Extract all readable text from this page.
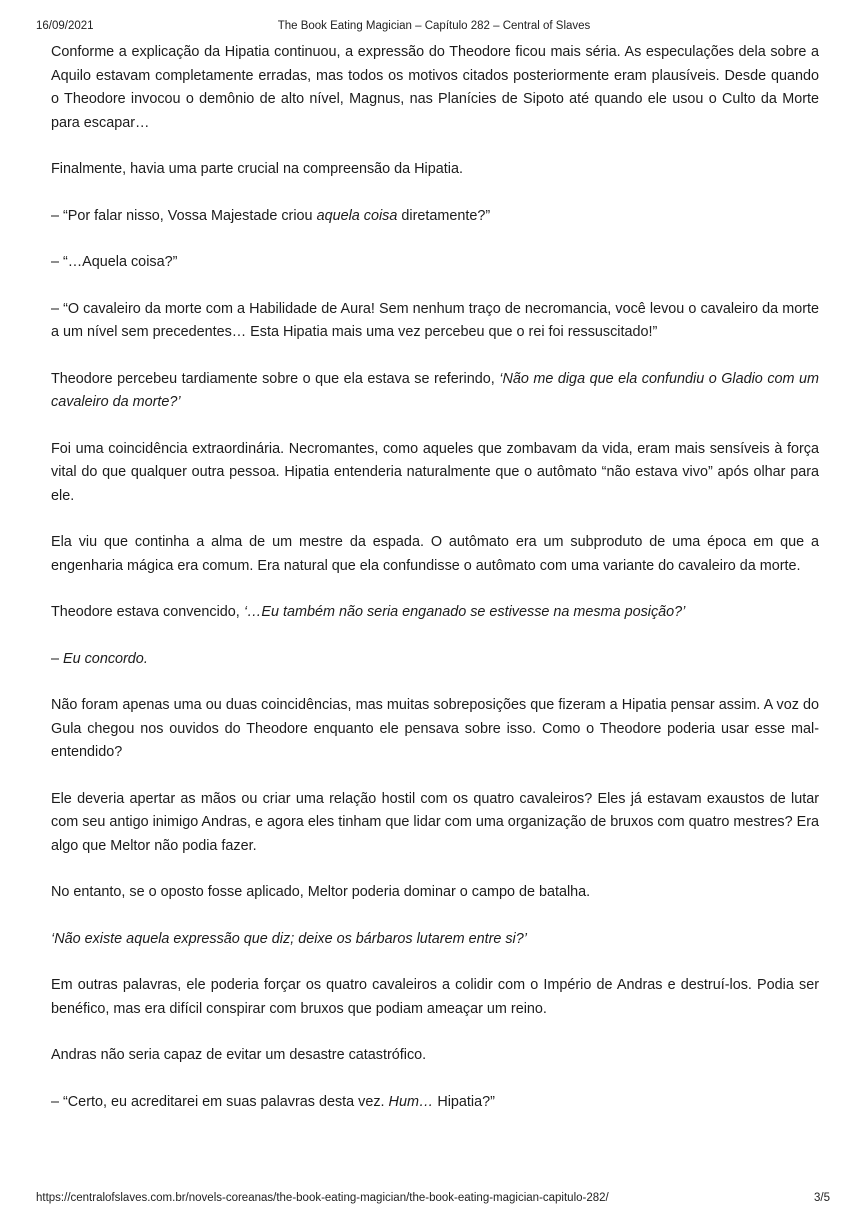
16/09/2021	The Book Eating Magician – Capítulo 282 – Central of Slaves

Conforme a explicação da Hipatia continuou, a expressão do Theodore ficou mais séria. As especulações dela sobre a Aquilo estavam completamente erradas, mas todos os motivos citados posteriormente eram plausíveis. Desde quando o Theodore invocou o demônio de alto nível, Magnus, nas Planícies de Sipoto até quando ele usou o Culto da Morte para escapar…

Finalmente, havia uma parte crucial na compreensão da Hipatia.

– “Por falar nisso, Vossa Majestade criou aquela coisa diretamente?”

– “…Aquela coisa?”

– “O cavaleiro da morte com a Habilidade de Aura! Sem nenhum traço de necromancia, você levou o cavaleiro da morte a um nível sem precedentes… Esta Hipatia mais uma vez percebeu que o rei foi ressuscitado!”

Theodore percebeu tardiamente sobre o que ela estava se referindo, ‘Não me diga que ela confundiu o Gladio com um cavaleiro da morte?’

Foi uma coincidência extraordinária. Necromantes, como aqueles que zombavam da vida, eram mais sensíveis à força vital do que qualquer outra pessoa. Hipatia entenderia naturalmente que o autômato “não estava vivo” após olhar para ele.

Ela viu que continha a alma de um mestre da espada. O autômato era um subproduto de uma época em que a engenharia mágica era comum. Era natural que ela confundisse o autômato com uma variante do cavaleiro da morte.

Theodore estava convencido, ‘…Eu também não seria enganado se estivesse na mesma posição?’

– Eu concordo.

Não foram apenas uma ou duas coincidências, mas muitas sobreposições que fizeram a Hipatia pensar assim. A voz do Gula chegou nos ouvidos do Theodore enquanto ele pensava sobre isso. Como o Theodore poderia usar esse mal-entendido?

Ele deveria apertar as mãos ou criar uma relação hostil com os quatro cavaleiros? Eles já estavam exaustos de lutar com seu antigo inimigo Andras, e agora eles tinham que lidar com uma organização de bruxos com quatro mestres? Era algo que Meltor não podia fazer.

No entanto, se o oposto fosse aplicado, Meltor poderia dominar o campo de batalha.

‘Não existe aquela expressão que diz; deixe os bárbaros lutarem entre si?’

Em outras palavras, ele poderia forçar os quatro cavaleiros a colidir com o Império de Andras e destruí-los. Podia ser benéfico, mas era difícil conspirar com bruxos que podiam ameaçar um reino.

Andras não seria capaz de evitar um desastre catastrófico.

– “Certo, eu acreditarei em suas palavras desta vez. Hum… Hipatia?”

https://centralofslaves.com.br/novels-coreanas/the-book-eating-magician/the-book-eating-magician-capitulo-282/	3/5
